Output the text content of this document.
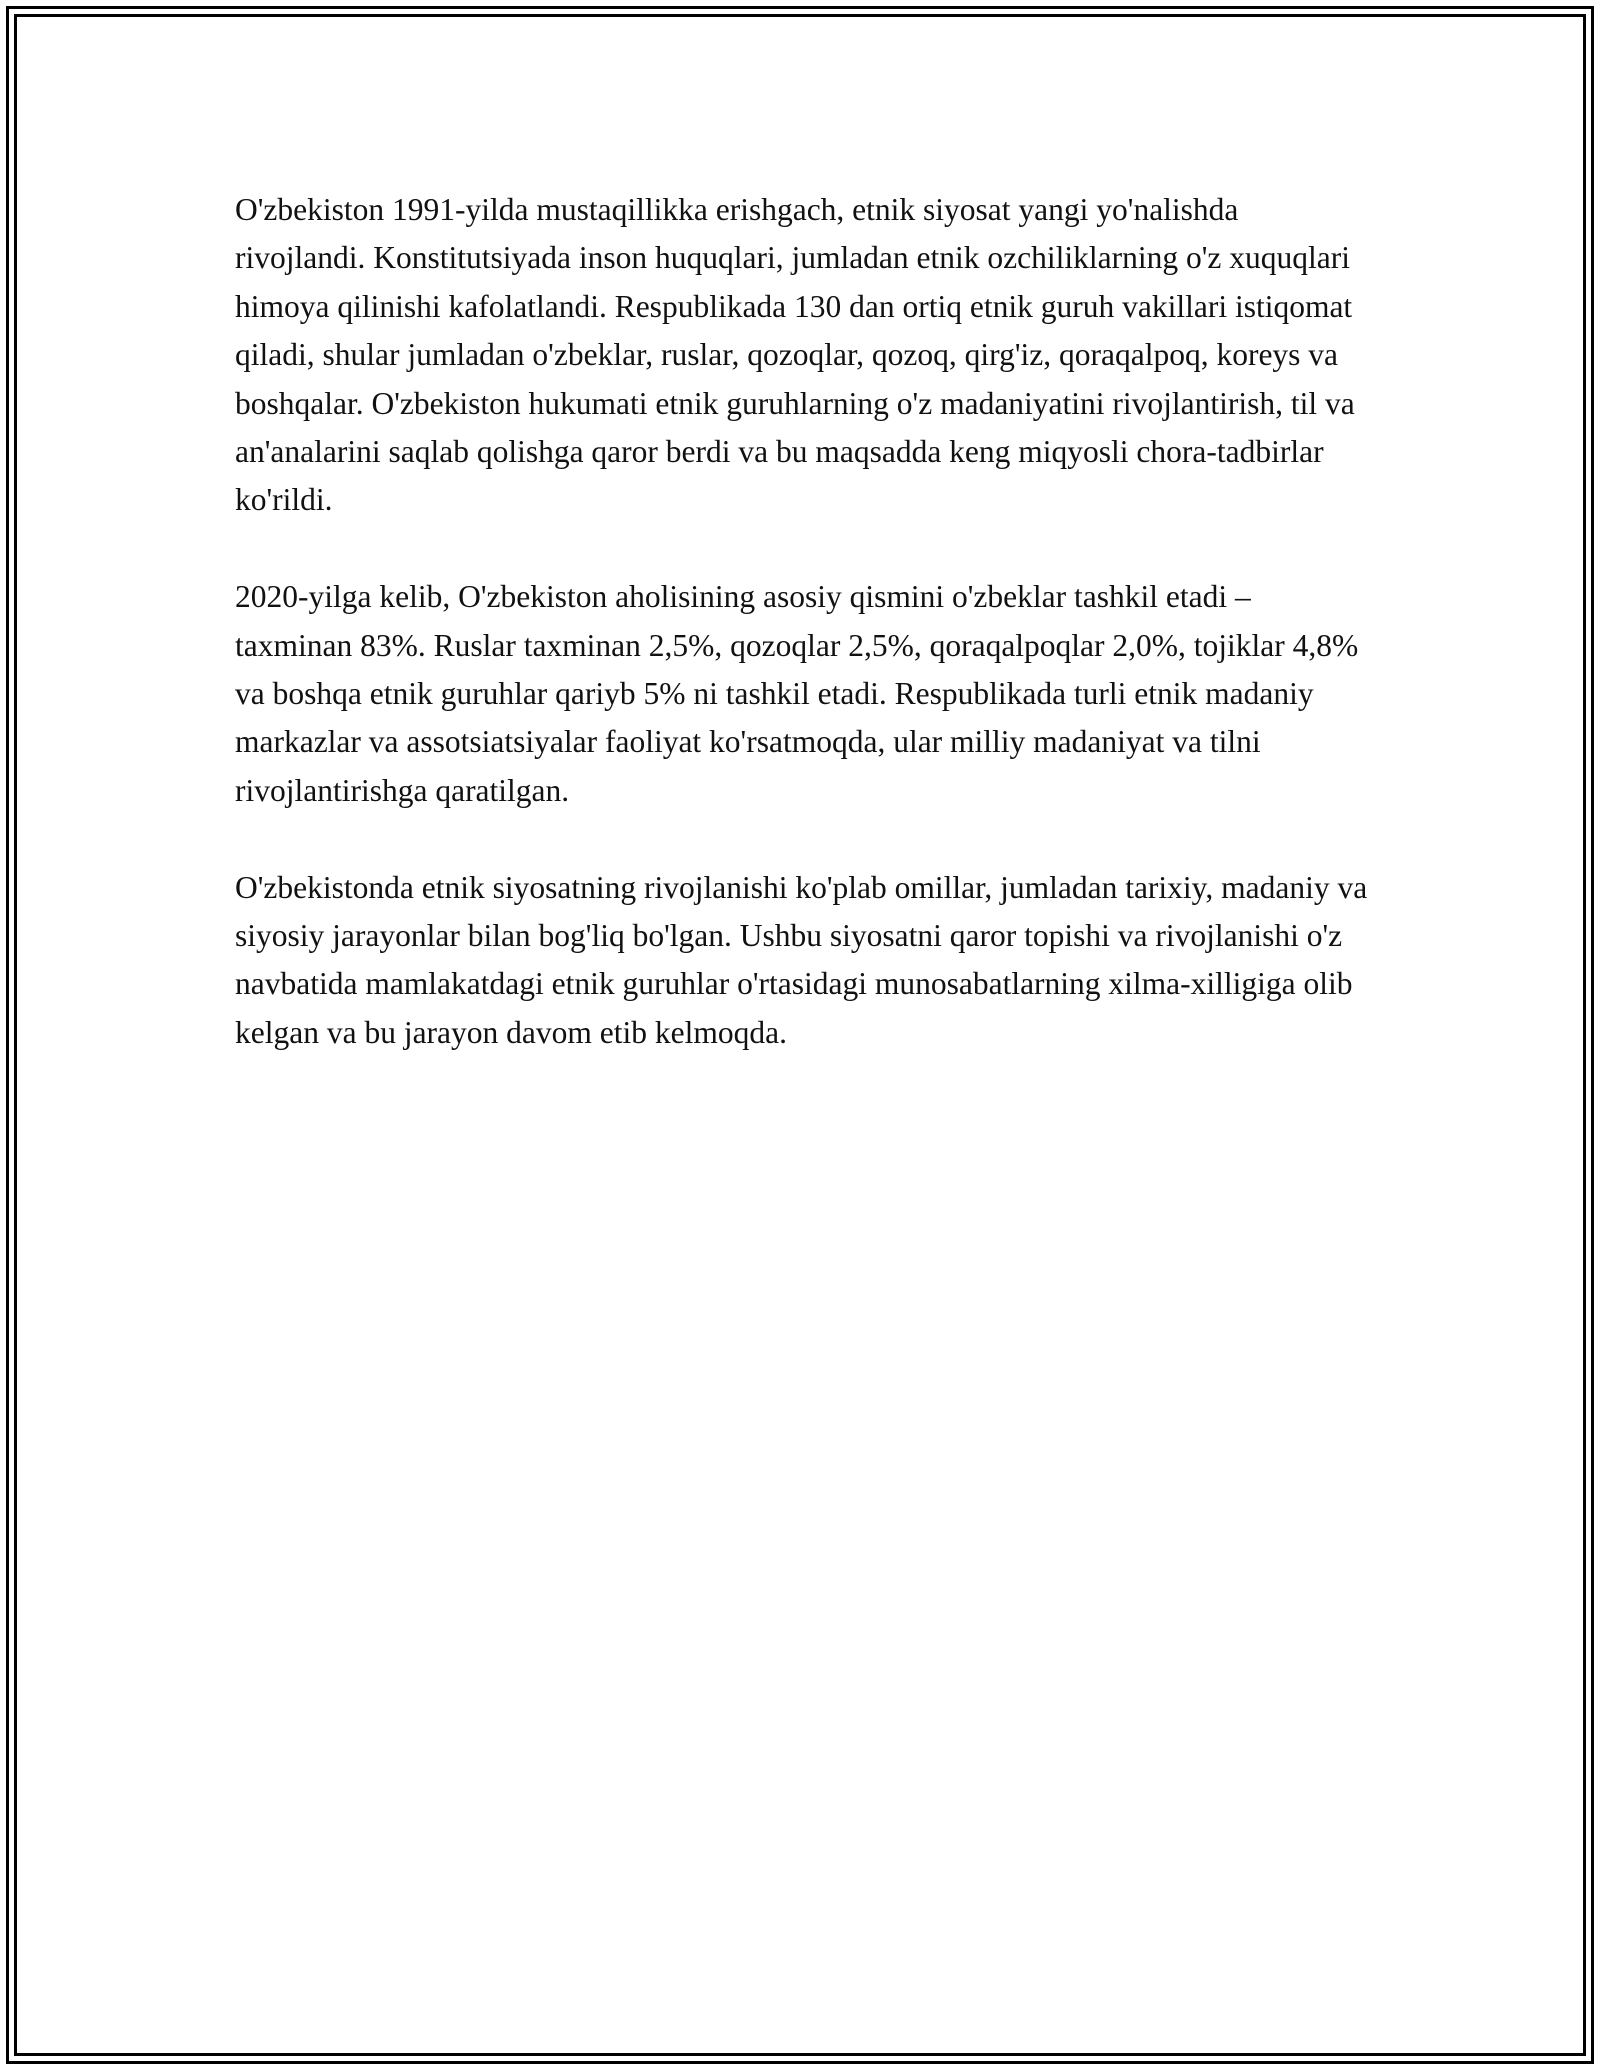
O'zbekiston 1991-yilda mustaqillikka erishgach, etnik siyosat yangi yo'nalishda rivojlandi. Konstitutsiyada inson huquqlari, jumladan etnik ozchiliklarning o'z xuquqlari himoya qilinishi kafolatlandi. Respublikada 130 dan ortiq etnik guruh vakillari istiqomat qiladi, shular jumladan o'zbeklar, ruslar, qozoqlar, qozoq, qirg'iz, qoraqalpoq, koreys va boshqalar. O'zbekiston hukumati etnik guruhlarning o'z madaniyatini rivojlantirish, til va an'analarini saqlab qolishga qaror berdi va bu maqsadda keng miqyosli chora-tadbirlar ko'rildi.

2020-yilga kelib, O'zbekiston aholisining asosiy qismini o'zbeklar tashkil etadi – taxminan 83%. Ruslar taxminan 2,5%, qozoqlar 2,5%, qoraqalpoqlar 2,0%, tojiklar 4,8% va boshqa etnik guruhlar qariyb 5% ni tashkil etadi. Respublikada turli etnik madaniy markazlar va assotsiatsiyalar faoliyat ko'rsatmoqda, ular milliy madaniyat va tilni rivojlantirishga qaratilgan.

O'zbekistonda etnik siyosatning rivojlanishi ko'plab omillar, jumladan tarixiy, madaniy va siyosiy jarayonlar bilan bog'liq bo'lgan. Ushbu siyosatni qaror topishi va rivojlanishi o'z navbatida mamlakatdagi etnik guruhlar o'rtasidagi munosabatlarning xilma-xilligiga olib kelgan va bu jarayon davom etib kelmoqda.
